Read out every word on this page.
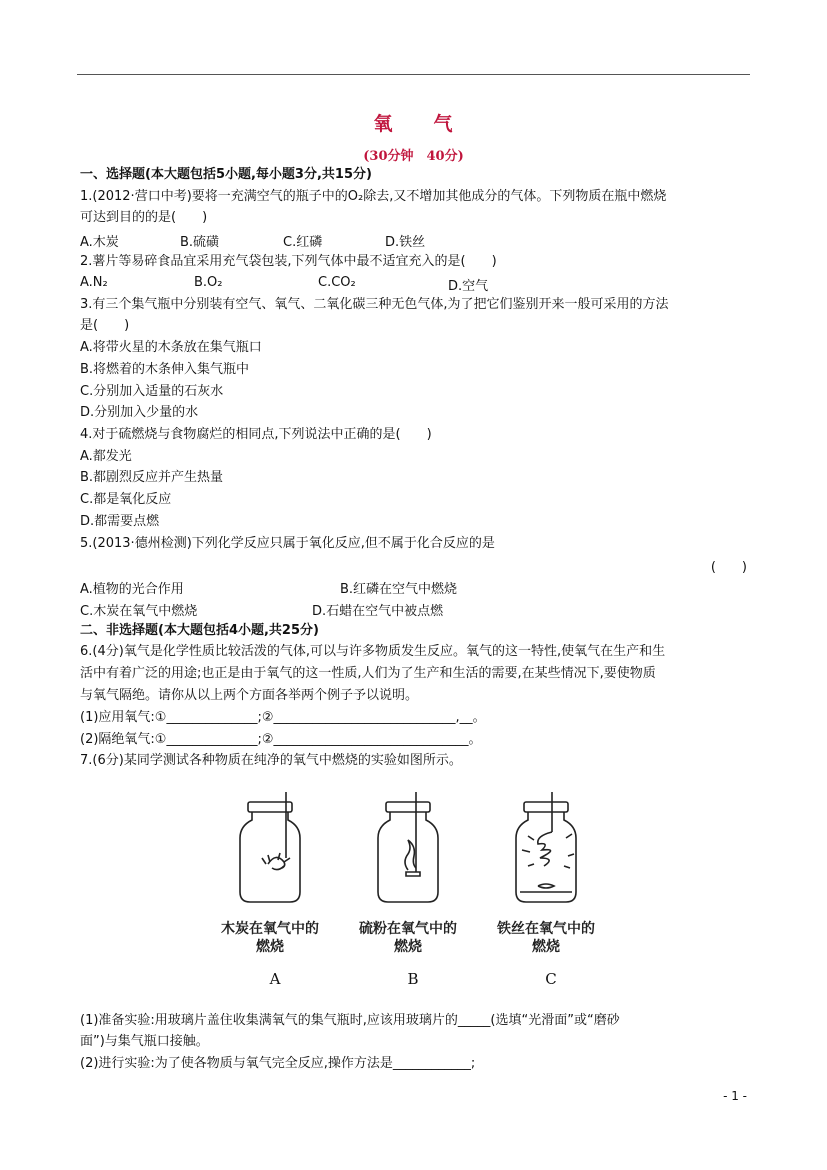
氧　　气
(30分钟　40分)
一、选择题(本大题包括5小题,每小题3分,共15分)
1.(2012·营口中考)要将一充满空气的瓶子中的O₂除去,又不增加其他成分的气体。下列物质在瓶中燃烧
可达到目的的是(　　)
A.木炭	B.硫磺	C.红磷	D.铁丝
2.薯片等易碎食品宜采用充气袋包装,下列气体中最不适宜充入的是(　　)
A.N₂	B.O₂	C.CO₂	D.空气
3.有三个集气瓶中分别装有空气、氧气、二氧化碳三种无色气体,为了把它们鉴别开来一般可采用的方法
是(　　)
A.将带火星的木条放在集气瓶口
B.将燃着的木条伸入集气瓶中
C.分别加入适量的石灰水
D.分别加入少量的水
4.对于硫燃烧与食物腐烂的相同点,下列说法中正确的是(　　)
A.都发光
B.都剧烈反应并产生热量
C.都是氧化反应
D.都需要点燃
5.(2013·德州检测)下列化学反应只属于氧化反应,但不属于化合反应的是
(　　)
A.植物的光合作用	B.红磷在空气中燃烧
C.木炭在氧气中燃烧	D.石蜡在空气中被点燃
二、非选择题(本大题包括4小题,共25分)
6.(4分)氧气是化学性质比较活泼的气体,可以与许多物质发生反应。氧气的这一特性,使氧气在生产和生
活中有着广泛的用途;也正是由于氧气的这一性质,人们为了生产和生活的需要,在某些情况下,要使物质
与氧气隔绝。请你从以上两个方面各举两个例子予以说明。
(1)应用氧气:①______________;②____________________________,__。
(2)隔绝氧气:①______________;②______________________________。
7.(6分)某同学测试各种物质在纯净的氧气中燃烧的实验如图所示。
木炭在氧气中的燃烧
A
硫粉在氧气中的燃烧
B
铁丝在氧气中的燃烧
C
(1)准备实验:用玻璃片盖住收集满氧气的集气瓶时,应该用玻璃片的_____(选填“光滑面”或“磨砂
面”)与集气瓶口接触。
(2)进行实验:为了使各物质与氧气完全反应,操作方法是____________;
- 1 -
